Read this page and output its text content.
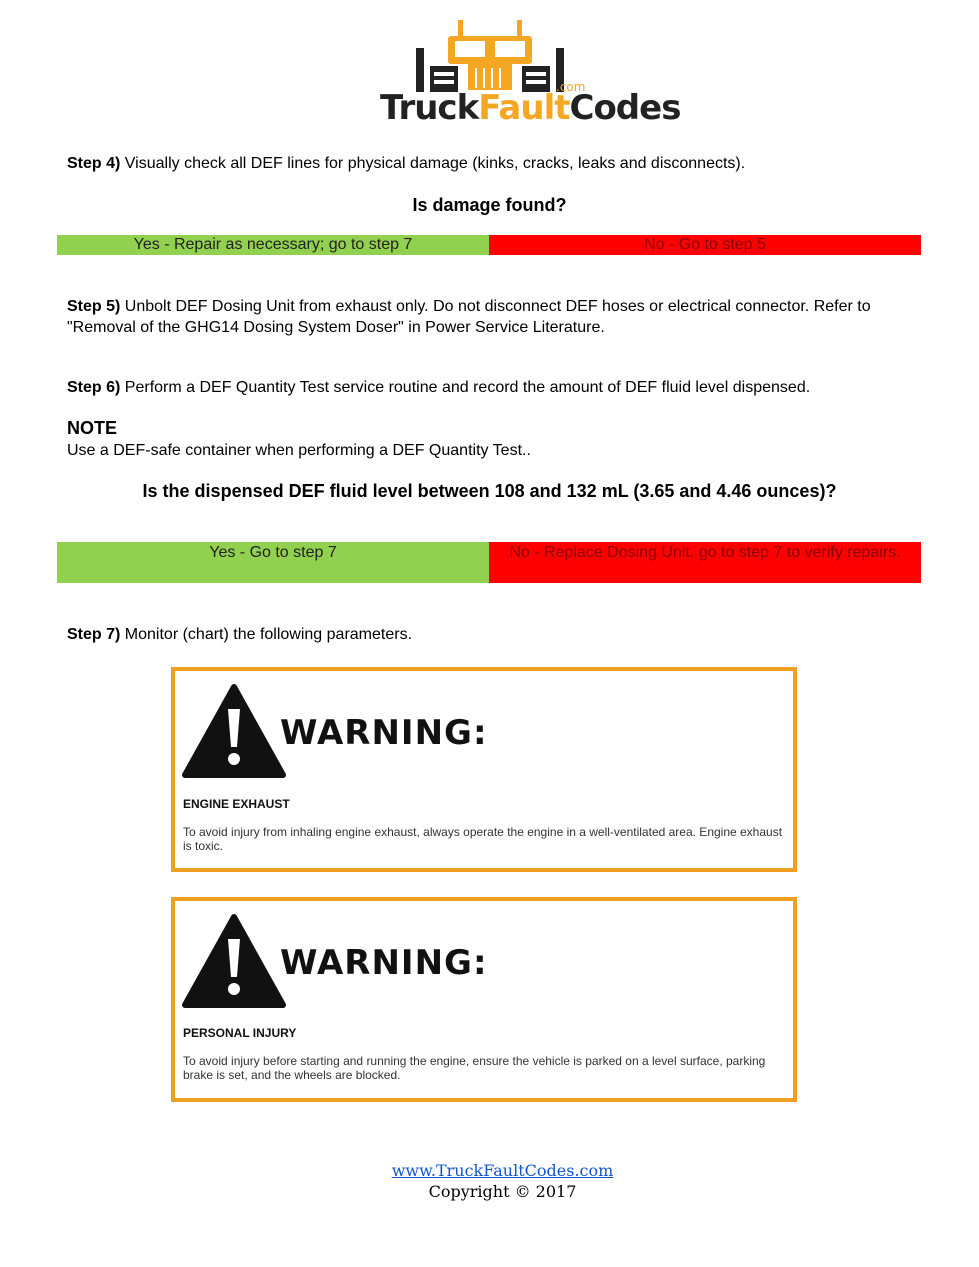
TruckFaultCodes
.com
Step 4) Visually check all DEF lines for physical damage (kinks, cracks, leaks and disconnects).
Is damage found?
Yes - Repair as necessary; go to step 7	No - Go to step 5
Step 5) Unbolt DEF Dosing Unit from exhaust only. Do not disconnect DEF hoses or electrical connector. Refer to "Removal of the GHG14 Dosing System Doser" in Power Service Literature.
Step 6) Perform a DEF Quantity Test service routine and record the amount of DEF fluid level dispensed.
NOTE
Use a DEF-safe container when performing a DEF Quantity Test..
Is the dispensed DEF fluid level between 108 and 132 mL (3.65 and 4.46 ounces)?
Yes - Go to step 7	No - Replace Dosing Unit. go to step 7 to verify repairs.
Step 7) Monitor (chart) the following parameters.
WARNING:
ENGINE EXHAUST
To avoid injury from inhaling engine exhaust, always operate the engine in a well-ventilated area. Engine exhaust is toxic.
WARNING:
PERSONAL INJURY
To avoid injury before starting and running the engine, ensure the vehicle is parked on a level surface, parking brake is set, and the wheels are blocked.
www.TruckFaultCodes.com
Copyright © 2017
